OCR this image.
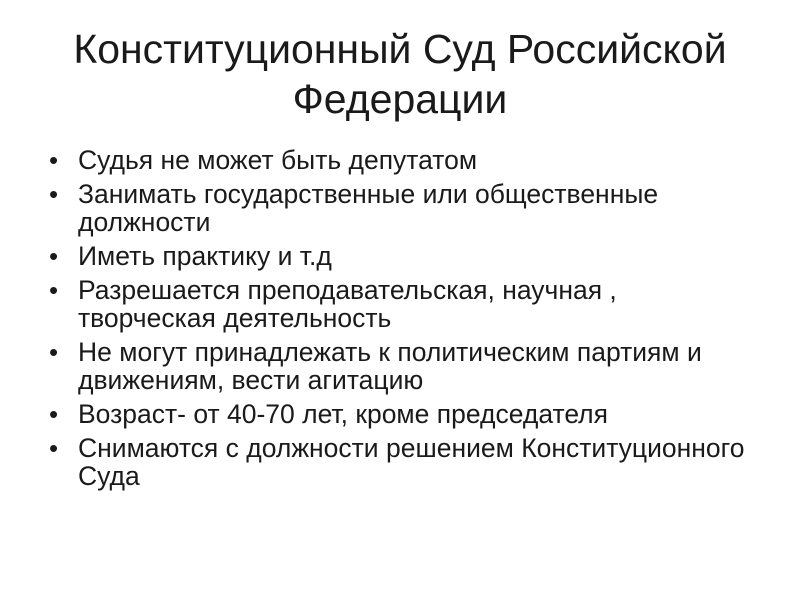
Конституционный Суд Российской Федерации
• Судья не может быть депутатом
• Занимать государственные или общественные должности
• Иметь практику и т.д
• Разрешается преподавательская, научная , творческая деятельность
• Не могут принадлежать к политическим партиям и движениям, вести агитацию
• Возраст- от 40-70 лет, кроме председателя
• Снимаются с должности решением Конституционного Суда
